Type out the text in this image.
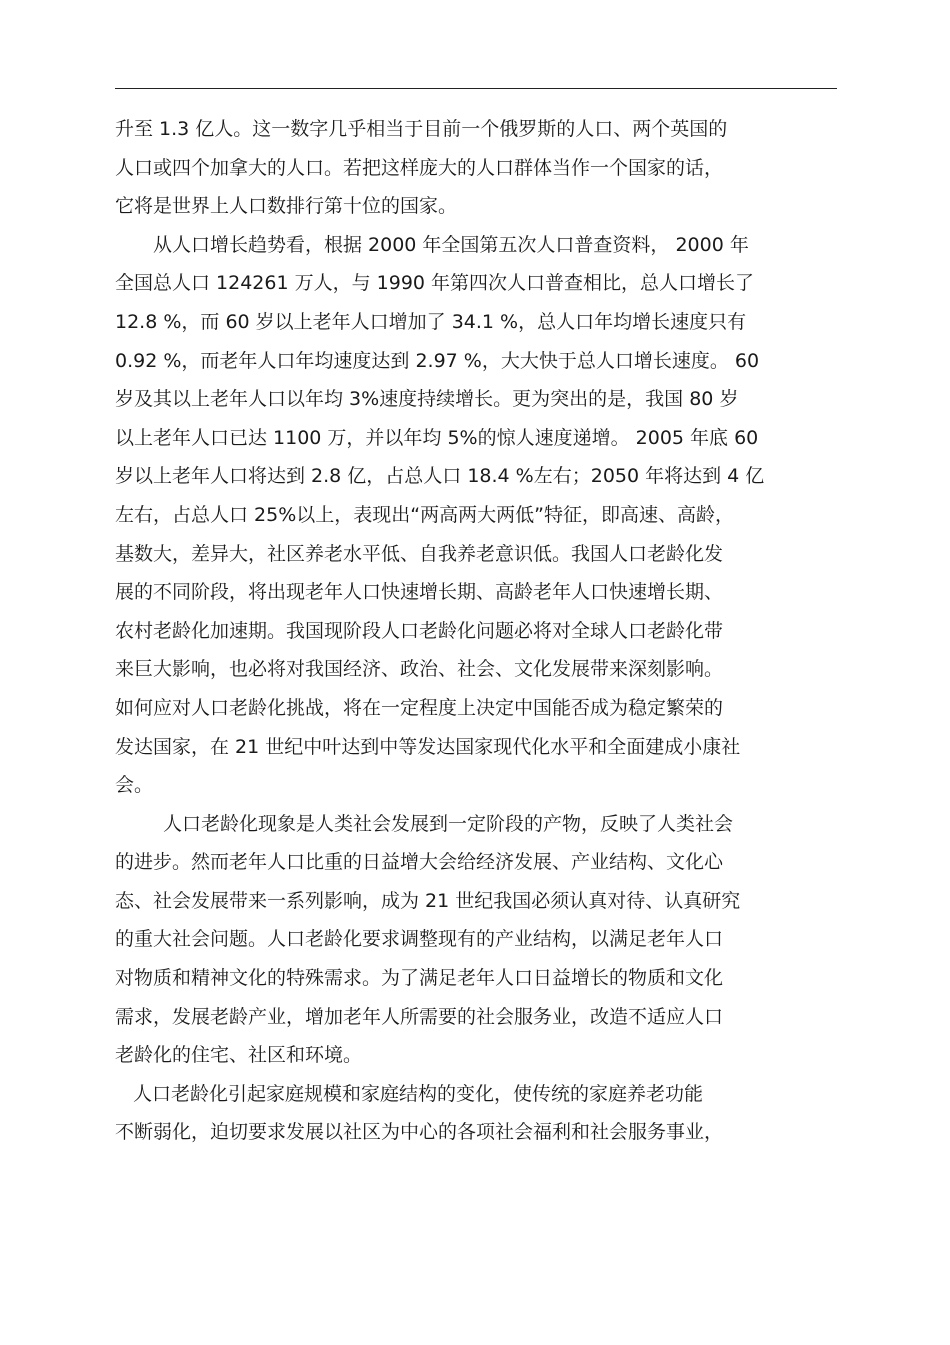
升至 1.3 亿人。这一数字几乎相当于目前一个俄罗斯的人口、两个英国的
人口或四个加拿大的人口。若把这样庞大的人口群体当作一个国家的话，
它将是世界上人口数排行第十位的国家。
从人口增长趋势看，根据 2000 年全国第五次人口普查资料， 2000 年
全国总人口 124261 万人，与 1990 年第四次人口普查相比，总人口增长了
12.8 %，而 60 岁以上老年人口增加了 34.1 %，总人口年均增长速度只有
0.92 %，而老年人口年均速度达到 2.97 %，大大快于总人口增长速度。 60
岁及其以上老年人口以年均 3%速度持续增长。更为突出的是，我国 80 岁
以上老年人口已达 1100 万，并以年均 5%的惊人速度递增。 2005 年底 60
岁以上老年人口将达到 2.8 亿，占总人口 18.4 %左右；2050 年将达到 4 亿
左右，占总人口 25%以上，表现出“两高两大两低”特征，即高速、高龄，
基数大，差异大，社区养老水平低、自我养老意识低。我国人口老龄化发
展的不同阶段，将出现老年人口快速增长期、高龄老年人口快速增长期、
农村老龄化加速期。我国现阶段人口老龄化问题必将对全球人口老龄化带
来巨大影响，也必将对我国经济、政治、社会、文化发展带来深刻影响。
如何应对人口老龄化挑战，将在一定程度上决定中国能否成为稳定繁荣的
发达国家，在 21 世纪中叶达到中等发达国家现代化水平和全面建成小康社
会。
人口老龄化现象是人类社会发展到一定阶段的产物，反映了人类社会
的进步。然而老年人口比重的日益增大会给经济发展、产业结构、文化心
态、社会发展带来一系列影响，成为 21 世纪我国必须认真对待、认真研究
的重大社会问题。人口老龄化要求调整现有的产业结构，以满足老年人口
对物质和精神文化的特殊需求。为了满足老年人口日益增长的物质和文化
需求，发展老龄产业，增加老年人所需要的社会服务业，改造不适应人口
老龄化的住宅、社区和环境。
人口老龄化引起家庭规模和家庭结构的变化，使传统的家庭养老功能
不断弱化，迫切要求发展以社区为中心的各项社会福利和社会服务事业，
